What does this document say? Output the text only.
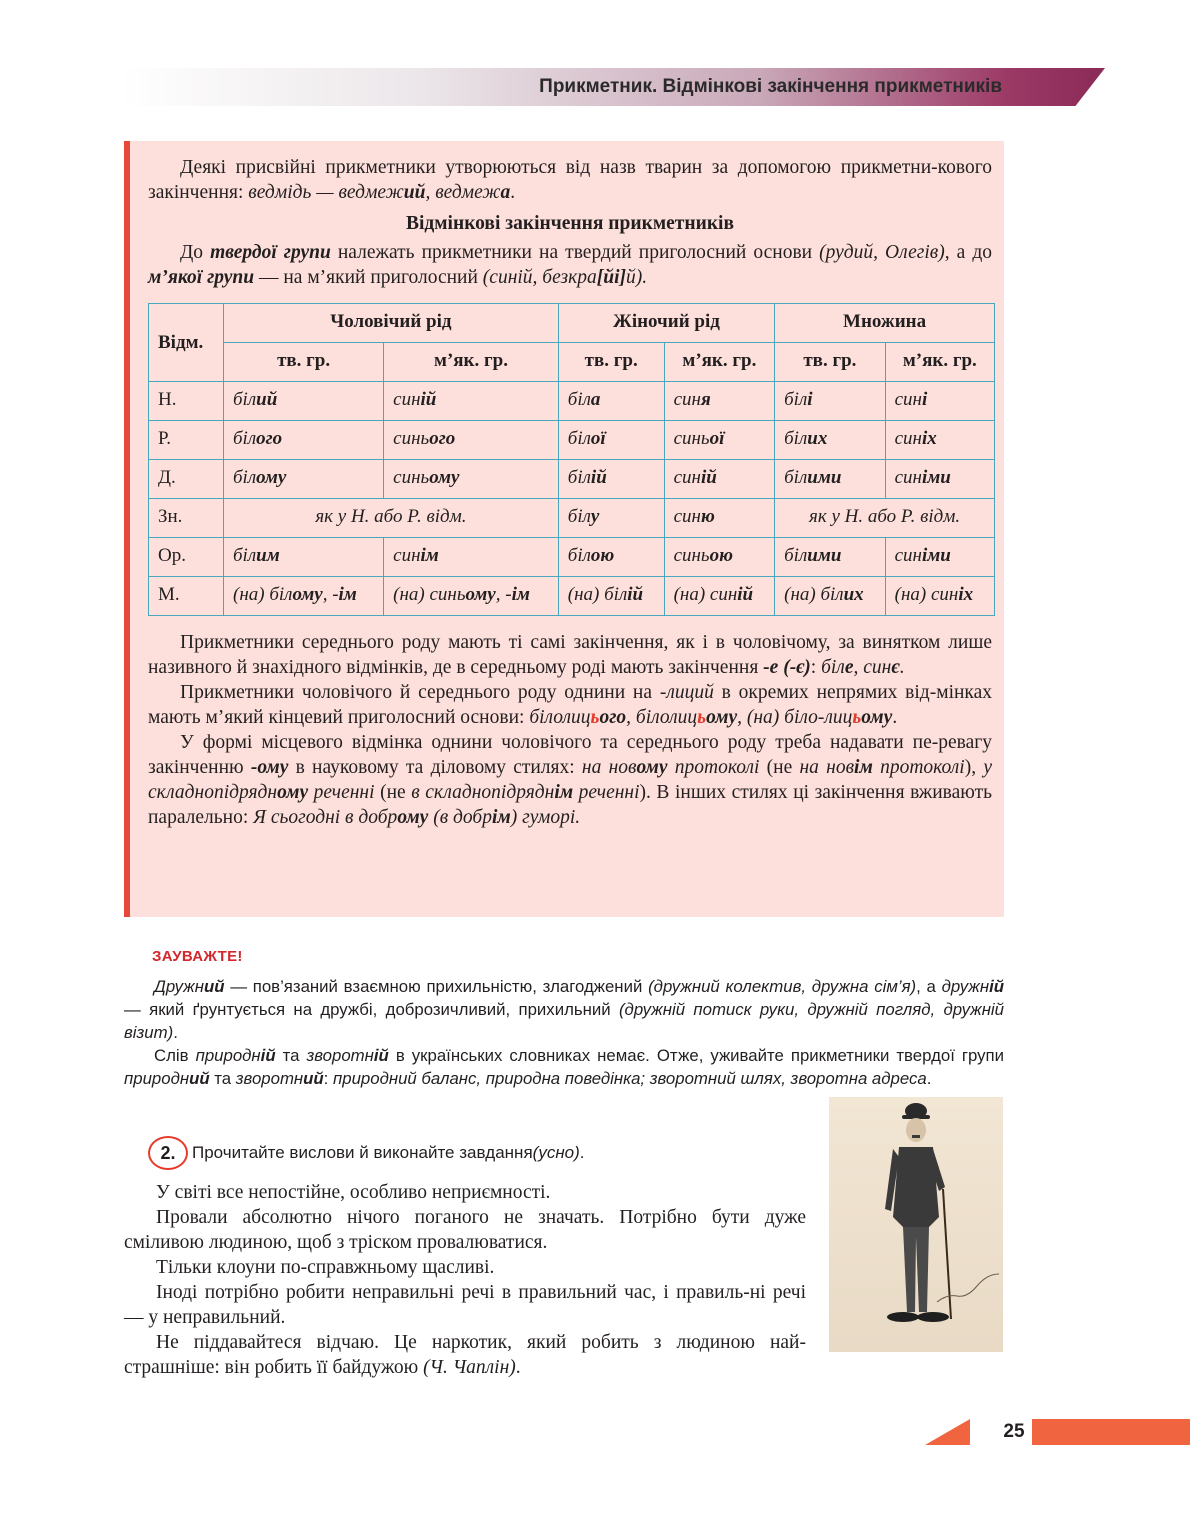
Прикметник. Відмінкові закінчення прикметників

Деякі присвійні прикметники утворюються від назв тварин за допомогою прикметни-кового закінчення: ведмідь — ведмежий, ведмежа.

Відмінкові закінчення прикметників

До твердої групи належать прикметники на твердий приголосний основи (рудий, Олегів), а до м’якої групи — на м’який приголосний (синій, безкра[йі]й).

Відм.	Чоловічий рід		Жіночий рід		Множина	
	тв. гр.	м’як. гр.	тв. гр.	м’як. гр.	тв. гр.	м’як. гр.
Н.	білий	синій	біла	синя	білі	сині
Р.	білого	синього	білої	синьої	білих	синіх
Д.	білому	синьому	білій	синій	білими	синіми
Зн.	як у Н. або Р. відм.		білу	синю	як у Н. або Р. відм.	
Ор.	білим	синім	білою	синьою	білими	синіми
М.	(на) білому, -ім	(на) синьому, -ім	(на) білій	(на) синій	(на) білих	(на) синіх

Прикметники середнього роду мають ті самі закінчення, як і в чоловічому, за винятком лише називного й знахідного відмінків, де в середньому роді мають закінчення -е (-є): біле, синє.

Прикметники чоловічого й середнього роду однини на -лиций в окремих непрямих від-мінках мають м’який кінцевий приголосний основи: білолицього, білолицьому, (на) біло-лицьому.

У формі місцевого відмінка однини чоловічого та середнього роду треба надавати пе-ревагу закінченню -ому в науковому та діловому стилях: на новому протоколі (не на новім протоколі), у складнопідрядному реченні (не в складнопідряднім реченні). В інших стилях ці закінчення вживають паралельно: Я сьогодні в доброму (в добрім) гуморі.

ЗАУВАЖТЕ!

Дружний — пов’язаний взаємною прихильністю, злагоджений (дружний колектив, дружна сім’я), а дружній — який ґрунтується на дружбі, доброзичливий, прихильний (дружній потиск руки, дружній погляд, дружній візит).

Слів природній та зворотній в українських словниках немає. Отже, уживайте прикметники твердої групи природний та зворотний: природний баланс, природна поведінка; зворотний шлях, зворотна адреса.

2. Прочитайте вислови й виконайте завдання (усно) .

У світі все непостійне, особливо неприємності.

Провали абсолютно нічого поганого не значать. Потрібно бути дуже сміливою людиною, щоб з тріском провалюватися.

Тільки клоуни по-справжньому щасливі.

Іноді потрібно робити неправильні речі в правильний час, і правиль-ні речі — у неправильний.

Не піддавайтеся відчаю. Це наркотик, який робить з людиною най-страшніше: він робить її байдужою (Ч. Чаплін).

25
